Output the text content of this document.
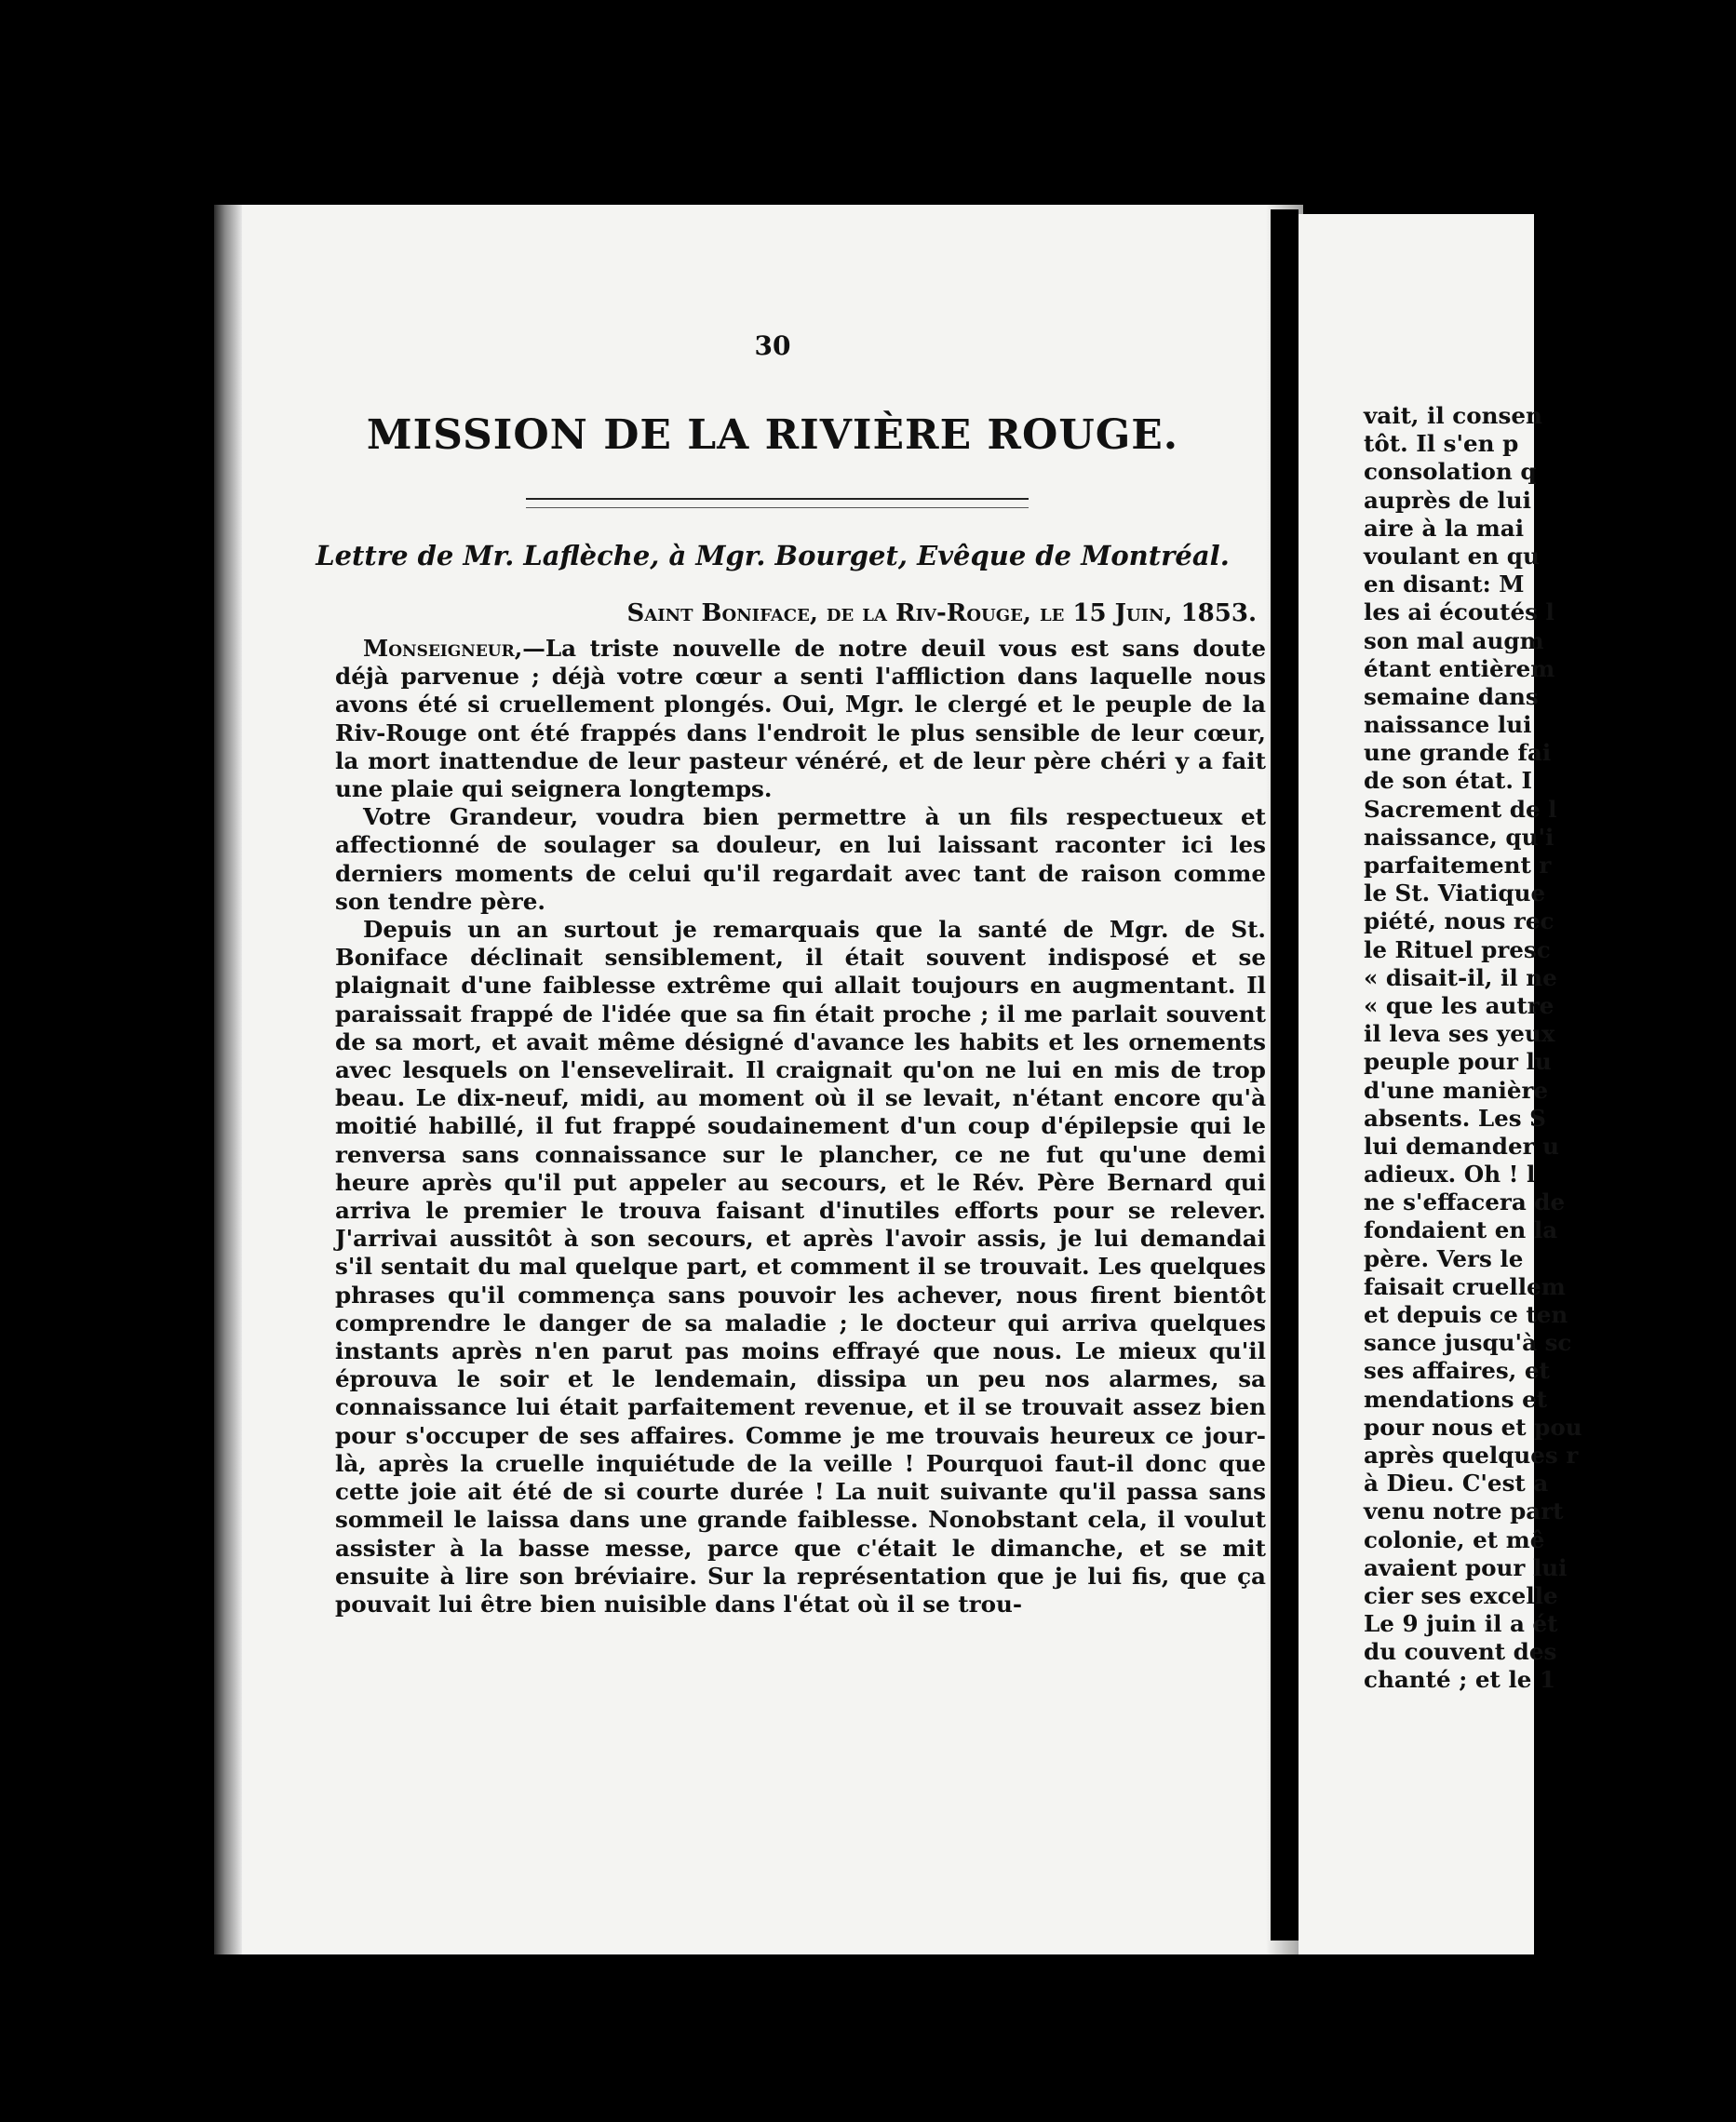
30
MISSION DE LA RIVIÈRE ROUGE.
Lettre de Mr. Laflèche, à Mgr. Bourget, Evêque de Montréal.
Saint Boniface, de la Riv-Rouge, le 15 Juin, 1853.

Monseigneur,—La triste nouvelle de notre deuil vous est sans doute déjà parvenue ; déjà votre cœur a senti l'affliction dans laquelle nous avons été si cruellement plongés. Oui, Mgr. le clergé et le peuple de la Riv-Rouge ont été frappés dans l'endroit le plus sensible de leur cœur, la mort inattendue de leur pasteur vénéré, et de leur père chéri y a fait une plaie qui seignera longtemps.

Votre Grandeur, voudra bien permettre à un fils respectueux et affectionné de soulager sa douleur, en lui laissant raconter ici les derniers moments de celui qu'il regardait avec tant de raison comme son tendre père.

Depuis un an surtout je remarquais que la santé de Mgr. de St. Boniface déclinait sensiblement, il était souvent indisposé et se plaignait d'une faiblesse extrême qui allait toujours en augmentant. Il paraissait frappé de l'idée que sa fin était proche ; il me parlait souvent de sa mort, et avait même désigné d'avance les habits et les ornements avec lesquels on l'ensevelirait. Il craignait qu'on ne lui en mis de trop beau. Le dix-neuf, midi, au moment où il se levait, n'étant encore qu'à moitié habillé, il fut frappé soudainement d'un coup d'épilepsie qui le renversa sans connaissance sur le plancher, ce ne fut qu'une demi heure après qu'il put appeler au secours, et le Rév. Père Bernard qui arriva le premier le trouva faisant d'inutiles efforts pour se relever. J'arrivai aussitôt à son secours, et après l'avoir assis, je lui demandai s'il sentait du mal quelque part, et comment il se trouvait. Les quelques phrases qu'il commença sans pouvoir les achever, nous firent bientôt comprendre le danger de sa maladie ; le docteur qui arriva quelques instants après n'en parut pas moins effrayé que nous. Le mieux qu'il éprouva le soir et le lendemain, dissipa un peu nos alarmes, sa connaissance lui était parfaitement revenue, et il se trouvait assez bien pour s'occuper de ses affaires. Comme je me trouvais heureux ce jour-là, après la cruelle inquiétude de la veille ! Pourquoi faut-il donc que cette joie ait été de si courte durée ! La nuit suivante qu'il passa sans sommeil le laissa dans une grande faiblesse. Nonobstant cela, il voulut assister à la basse messe, parce que c'était le dimanche, et se mit ensuite à lire son bréviaire. Sur la représentation que je lui fis, que ça pouvait lui être bien nuisible dans l'état où il se trou-

vait, il consen
tôt. Il s'en p
consolation q
auprès de lui
aire à la mai
voulant en qu
en disant: M
les ai écoutés l
son mal augm
étant entièrem
semaine dans
naissance lui
une grande fai
de son état. I
Sacrement de l
naissance, qu'i
parfaitement r
le St. Viatique
piété, nous rec
le Rituel presc
« disait-il, il ne
« que les autre
il leva ses yeux
peuple pour lu
d'une manière
absents. Les S
lui demander u
adieux. Oh ! l
ne s'effacera de
fondaient en la
père. Vers le
faisait cruellem
et depuis ce ten
sance jusqu'à sc
ses affaires, et
mendations et
pour nous et pou
après quelques r
à Dieu. C'est a
venu notre part
colonie, et mê
avaient pour lui
cier ses excelle
Le 9 juin il a ét
du couvent des
chanté ; et le 1
